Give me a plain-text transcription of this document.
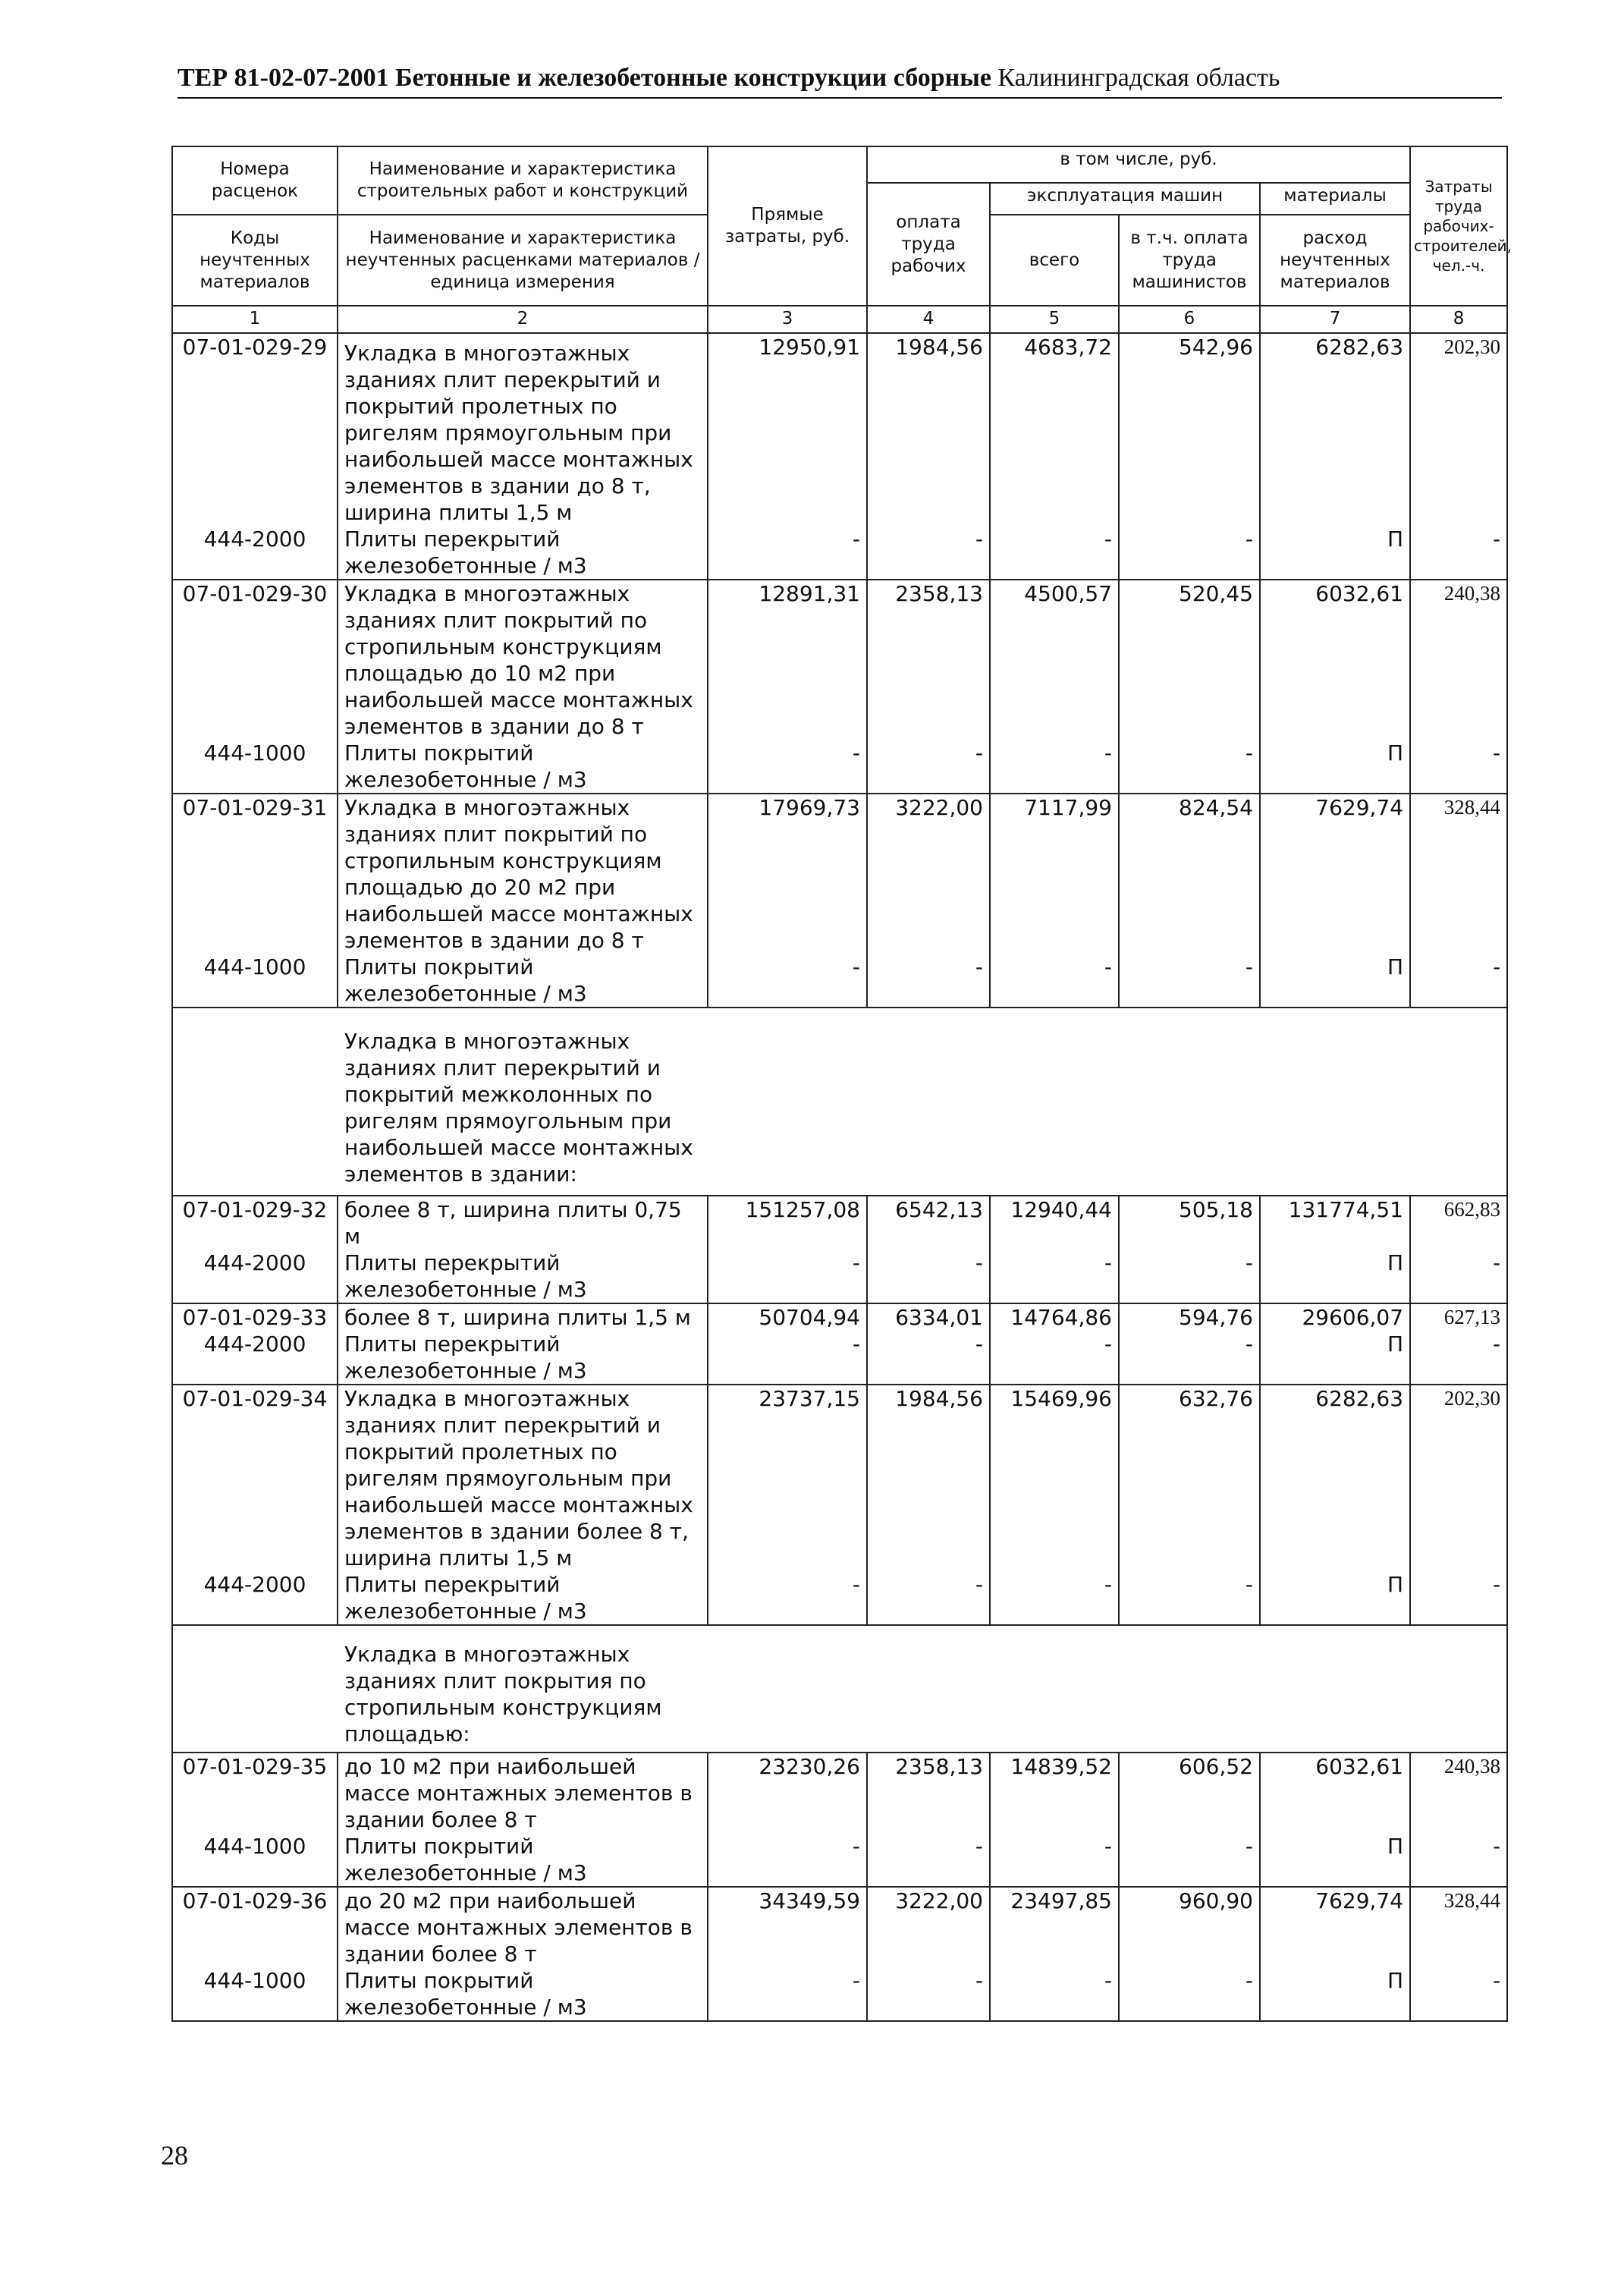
ТЕР 81-02-07-2001 Бетонные и железобетонные конструкции сборные Калининградская область
Номера расценок	Наименование и характеристика строительных работ и конструкций	Прямые затраты, руб.	в том числе, руб.				Затраты труда рабочих-строителей, чел.-ч.
			оплата труда рабочих	эксплуатация машин		материалы	
Коды неучтенных материалов	Наименование и характеристика неучтенных расценками материалов / единица измерения			всего	в т.ч. оплата труда машинистов	расход неучтенных материалов	

1	2	3	4	5	6	7	8
07-01-029-29	Укладка в многоэтажных зданиях плит перекрытий и покрытий пролетных по ригелям прямоугольным при наибольшей массе монтажных элементов в здании до 8 т, ширина плиты 1,5 м	12950,91	1984,56	4683,72	542,96	6282,63	202,30
444-2000	Плиты перекрытий железобетонные / м3	-	-	-	-	П	-
07-01-029-30	Укладка в многоэтажных зданиях плит покрытий по стропильным конструкциям площадью до 10 м2 при наибольшей массе монтажных элементов в здании до 8 т	12891,31	2358,13	4500,57	520,45	6032,61	240,38
444-1000	Плиты покрытий железобетонные / м3	-	-	-	-	П	-
07-01-029-31	Укладка в многоэтажных зданиях плит покрытий по стропильным конструкциям площадью до 20 м2 при наибольшей массе монтажных элементов в здании до 8 т	17969,73	3222,00	7117,99	824,54	7629,74	328,44
444-1000	Плиты покрытий железобетонные / м3	-	-	-	-	П	-

Укладка в многоэтажных зданиях плит перекрытий и покрытий межколонных по ригелям прямоугольным при наибольшей массе монтажных элементов в здании:							

07-01-029-32	более 8 т, ширина плиты 0,75 м	151257,08	6542,13	12940,44	505,18	131774,51	662,83
444-2000	Плиты перекрытий железобетонные / м3	-	-	-	-	П	-
07-01-029-33	более 8 т, ширина плиты 1,5 м	50704,94	6334,01	14764,86	594,76	29606,07	627,13
444-2000	Плиты перекрытий железобетонные / м3	-	-	-	-	П	-
07-01-029-34	Укладка в многоэтажных зданиях плит перекрытий и покрытий пролетных по ригелям прямоугольным при наибольшей массе монтажных элементов в здании более 8 т, ширина плиты 1,5 м	23737,15	1984,56	15469,96	632,76	6282,63	202,30
444-2000	Плиты перекрытий железобетонные / м3	-	-	-	-	П	-

Укладка в многоэтажных зданиях плит покрытия по стропильным конструкциям площадью:							

07-01-029-35	до 10 м2 при наибольшей массе монтажных элементов в здании более 8 т	23230,26	2358,13	14839,52	606,52	6032,61	240,38
444-1000	Плиты покрытий железобетонные / м3	-	-	-	-	П	-
07-01-029-36	до 20 м2 при наибольшей массе монтажных элементов в здании более 8 т	34349,59	3222,00	23497,85	960,90	7629,74	328,44
444-1000	Плиты покрытий железобетонные / м3	-	-	-	-	П	-
28
